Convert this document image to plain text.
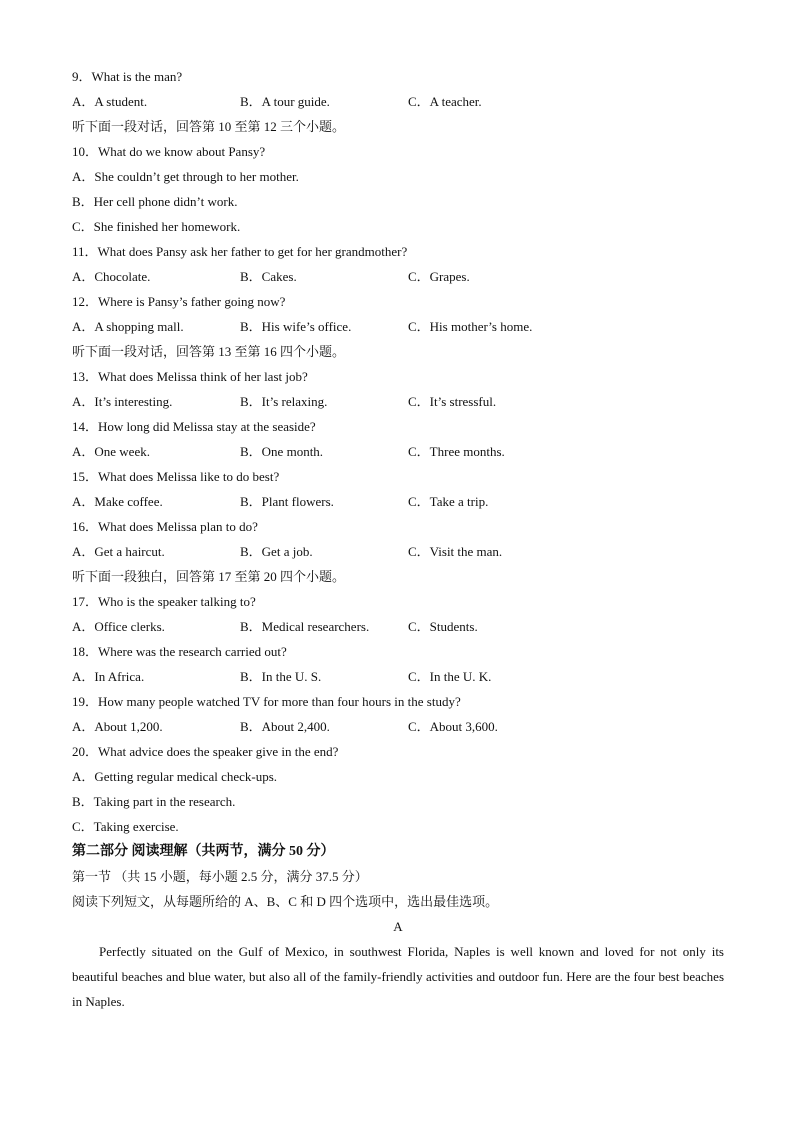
9．What is the man?
A．A student.	B．A tour guide.	C．A teacher.
听下面一段对话，回答第 10 至第 12 三个小题。
10．What do we know about Pansy?
A．She couldn’t get through to her mother.
B．Her cell phone didn’t work.
C．She finished her homework.
11．What does Pansy ask her father to get for her grandmother?
A．Chocolate.	B．Cakes.	C．Grapes.
12．Where is Pansy’s father going now?
A．A shopping mall.	B．His wife’s office.	C．His mother’s home.
听下面一段对话，回答第 13 至第 16 四个小题。
13．What does Melissa think of her last job?
A．It’s interesting.	B．It’s relaxing.	C．It’s stressful.
14．How long did Melissa stay at the seaside?
A．One week.	B．One month.	C．Three months.
15．What does Melissa like to do best?
A．Make coffee.	B．Plant flowers.	C．Take a trip.
16．What does Melissa plan to do?
A．Get a haircut.	B．Get a job.	C．Visit the man.
听下面一段独白，回答第 17 至第 20 四个小题。
17．Who is the speaker talking to?
A．Office clerks.	B．Medical researchers.	C．Students.
18．Where was the research carried out?
A．In Africa.	B．In the U. S.	C．In the U. K.
19．How many people watched TV for more than four hours in the study?
A．About 1,200.	B．About 2,400.	C．About 3,600.
20．What advice does the speaker give in the end?
A．Getting regular medical check-ups.
B．Taking part in the research.
C．Taking exercise.
第二部分 阅读理解（共两节，满分 50 分）
第一节 （共 15 小题，每小题 2.5 分，满分 37.5 分）
阅读下列短文，从每题所给的 A、B、C 和 D 四个选项中，选出最佳选项。
A

Perfectly situated on the Gulf of Mexico, in southwest Florida, Naples is well known and loved for not only its beautiful beaches and blue water, but also all of the family-friendly activities and outdoor fun. Here are the four best beaches in Naples.
